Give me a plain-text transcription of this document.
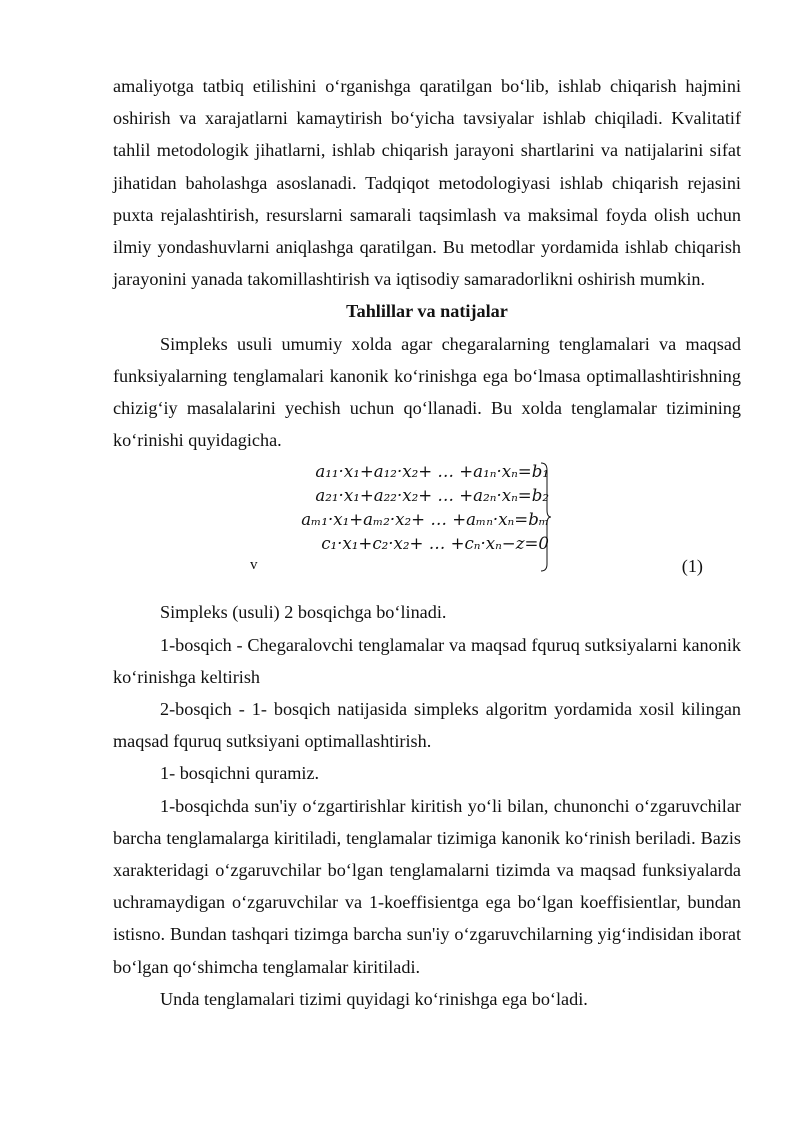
amaliyotga tatbiq etilishini o‘rganishga qaratilgan bo‘lib, ishlab chiqarish hajmini oshirish va xarajatlarni kamaytirish bo‘yicha tavsiyalar ishlab chiqiladi. Kvalitatif tahlil metodologik jihatlarni, ishlab chiqarish jarayoni shartlarini va natijalarini sifat jihatidan baholashga asoslanadi. Tadqiqot metodologiyasi ishlab chiqarish rejasini puxta rejalashtirish, resurslarni samarali taqsimlash va maksimal foyda olish uchun ilmiy yondashuvlarni aniqlashga qaratilgan. Bu metodlar yordamida ishlab chiqarish jarayonini yanada takomillashtirish va iqtisodiy samaradorlikni oshirish mumkin.

Tahlillar va natijalar

Simpleks usuli umumiy xolda agar chegaralarning tenglamalari va maqsad funksiyalarning tenglamalari kanonik ko‘rinishga ega bo‘lmasa optimallashtirishning chizig‘iy masalalarini yechish uchun qo‘llanadi. Bu xolda tenglamalar tizimining ko‘rinishi quyidagicha.

a₁₁·x₁+a₁₂·x₂+ … +a₁ₙ·xₙ=b₁
a₂₁·x₁+a₂₂·x₂+ … +a₂ₙ·xₙ=b₂
aₘ₁·x₁+aₘ₂·x₂+ … +aₘₙ·xₙ=bₘ
c₁·x₁+c₂·x₂+ … +cₙ·xₙ−z=0
v	(1)

Simpleks (usuli) 2 bosqichga bo‘linadi.

1-bosqich - Chegaralovchi tenglamalar va maqsad fquruq sutksiyalarni kanonik ko‘rinishga keltirish

2-bosqich - 1- bosqich natijasida simpleks algoritm yordamida xosil kilingan maqsad fquruq sutksiyani optimallashtirish.

1- bosqichni quramiz.

1-bosqichda sun'iy o‘zgartirishlar kiritish yo‘li bilan, chunonchi o‘zgaruvchilar barcha tenglamalarga kiritiladi, tenglamalar tizimiga kanonik ko‘rinish beriladi. Bazis xarakteridagi o‘zgaruvchilar bo‘lgan tenglamalarni tizimda va maqsad funksiyalarda uchramaydigan o‘zgaruvchilar va 1-koeffisientga ega bo‘lgan koeffisientlar, bundan istisno. Bundan tashqari tizimga barcha sun'iy o‘zgaruvchilarning yig‘indisidan iborat bo‘lgan qo‘shimcha tenglamalar kiritiladi.

Unda tenglamalari tizimi quyidagi ko‘rinishga ega bo‘ladi.
